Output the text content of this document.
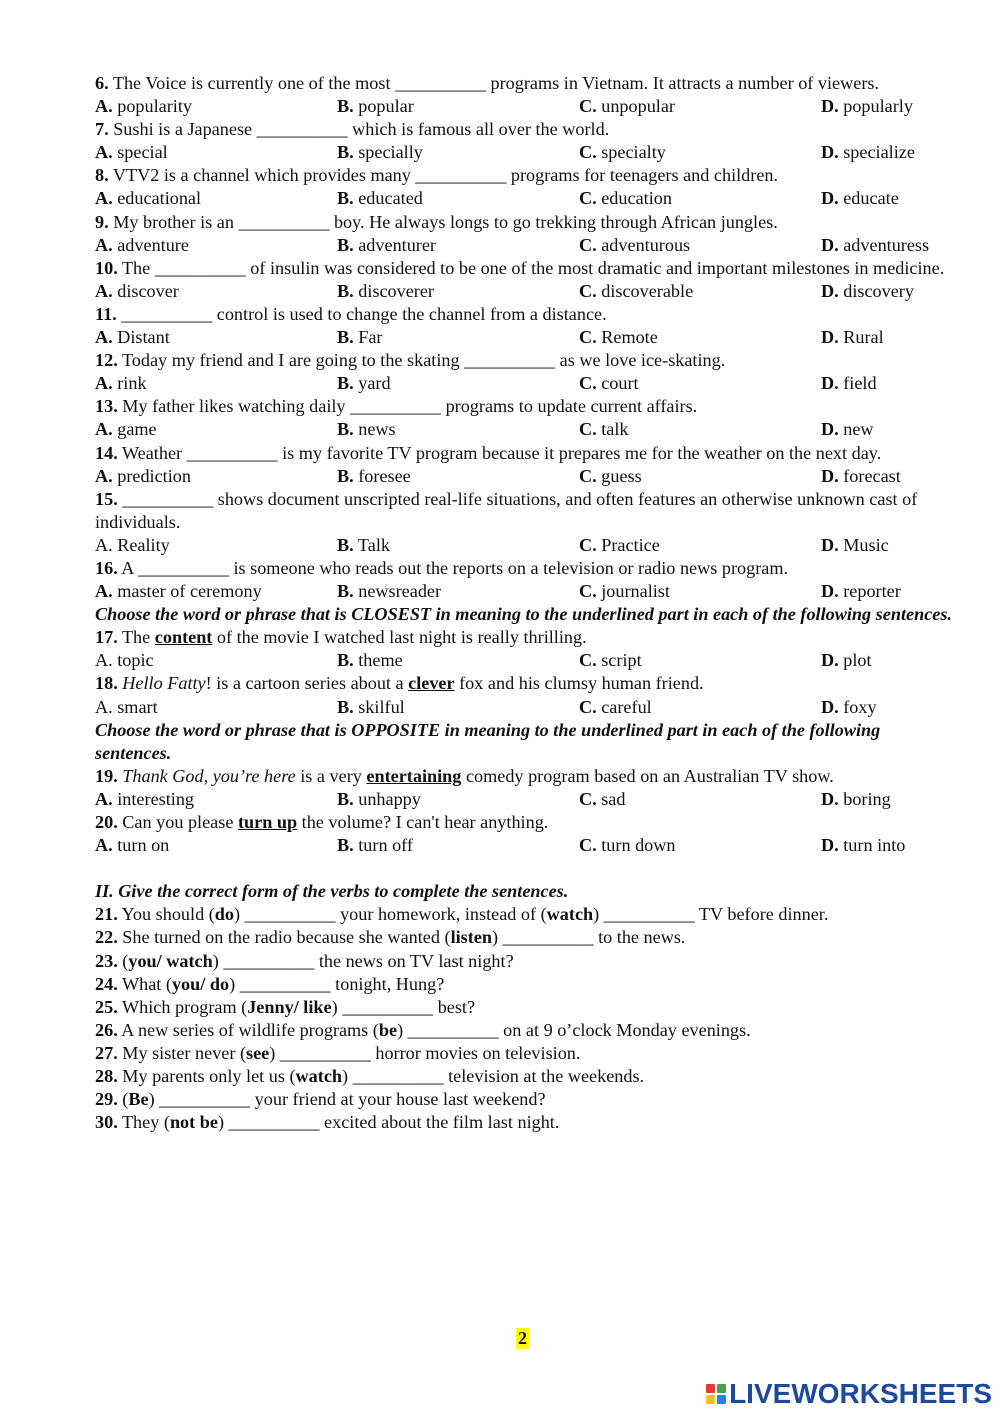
6. The Voice is currently one of the most __________ programs in Vietnam. It attracts a number of viewers.
A. popularity	B. popular	C. unpopular	D. popularly
7. Sushi is a Japanese __________ which is famous all over the world.
A. special	B. specially	C. specialty	D. specialize
8. VTV2 is a channel which provides many __________ programs for teenagers and children.
A. educational	B. educated	C. education	D. educate
9. My brother is an __________ boy. He always longs to go trekking through African jungles.
A. adventure	B. adventurer	C. adventurous	D. adventuress
10. The __________ of insulin was considered to be one of the most dramatic and important milestones in medicine.
A. discover	B. discoverer	C. discoverable	D. discovery
11. __________ control is used to change the channel from a distance.
A. Distant	B. Far	C. Remote	D. Rural
12. Today my friend and I are going to the skating __________ as we love ice-skating.
A. rink	B. yard	C. court	D. field
13. My father likes watching daily __________ programs to update current affairs.
A. game	B. news	C. talk	D. new
14. Weather __________ is my favorite TV program because it prepares me for the weather on the next day.
A. prediction	B. foresee	C. guess	D. forecast
15. __________ shows document unscripted real-life situations, and often features an otherwise unknown cast of individuals.
A. Reality	B. Talk	C. Practice	D. Music
16. A __________ is someone who reads out the reports on a television or radio news program.
A. master of ceremony	B. newsreader	C. journalist	D. reporter
Choose the word or phrase that is CLOSEST in meaning to the underlined part in each of the following sentences.
17. The content of the movie I watched last night is really thrilling.
A. topic	B. theme	C. script	D. plot
18. Hello Fatty! is a cartoon series about a clever fox and his clumsy human friend.
A. smart	B. skilful	C. careful	D. foxy
Choose the word or phrase that is OPPOSITE in meaning to the underlined part in each of the following sentences.
19. Thank God, you’re here is a very entertaining comedy program based on an Australian TV show.
A. interesting	B. unhappy	C. sad	D. boring
20. Can you please turn up the volume? I can't hear anything.
A. turn on	B. turn off	C. turn down	D. turn into
II. Give the correct form of the verbs to complete the sentences.
21. You should (do) __________ your homework, instead of (watch) __________ TV before dinner.
22. She turned on the radio because she wanted (listen) __________ to the news.
23. (you/ watch) __________ the news on TV last night?
24. What (you/ do) __________ tonight, Hung?
25. Which program (Jenny/ like) __________ best?
26. A new series of wildlife programs (be) __________ on at 9 o’clock Monday evenings.
27. My sister never (see) __________ horror movies on television.
28. My parents only let us (watch) __________ television at the weekends.
29. (Be) __________ your friend at your house last weekend?
30. They (not be) __________ excited about the film last night.
2
LIVEWORKSHEETS
